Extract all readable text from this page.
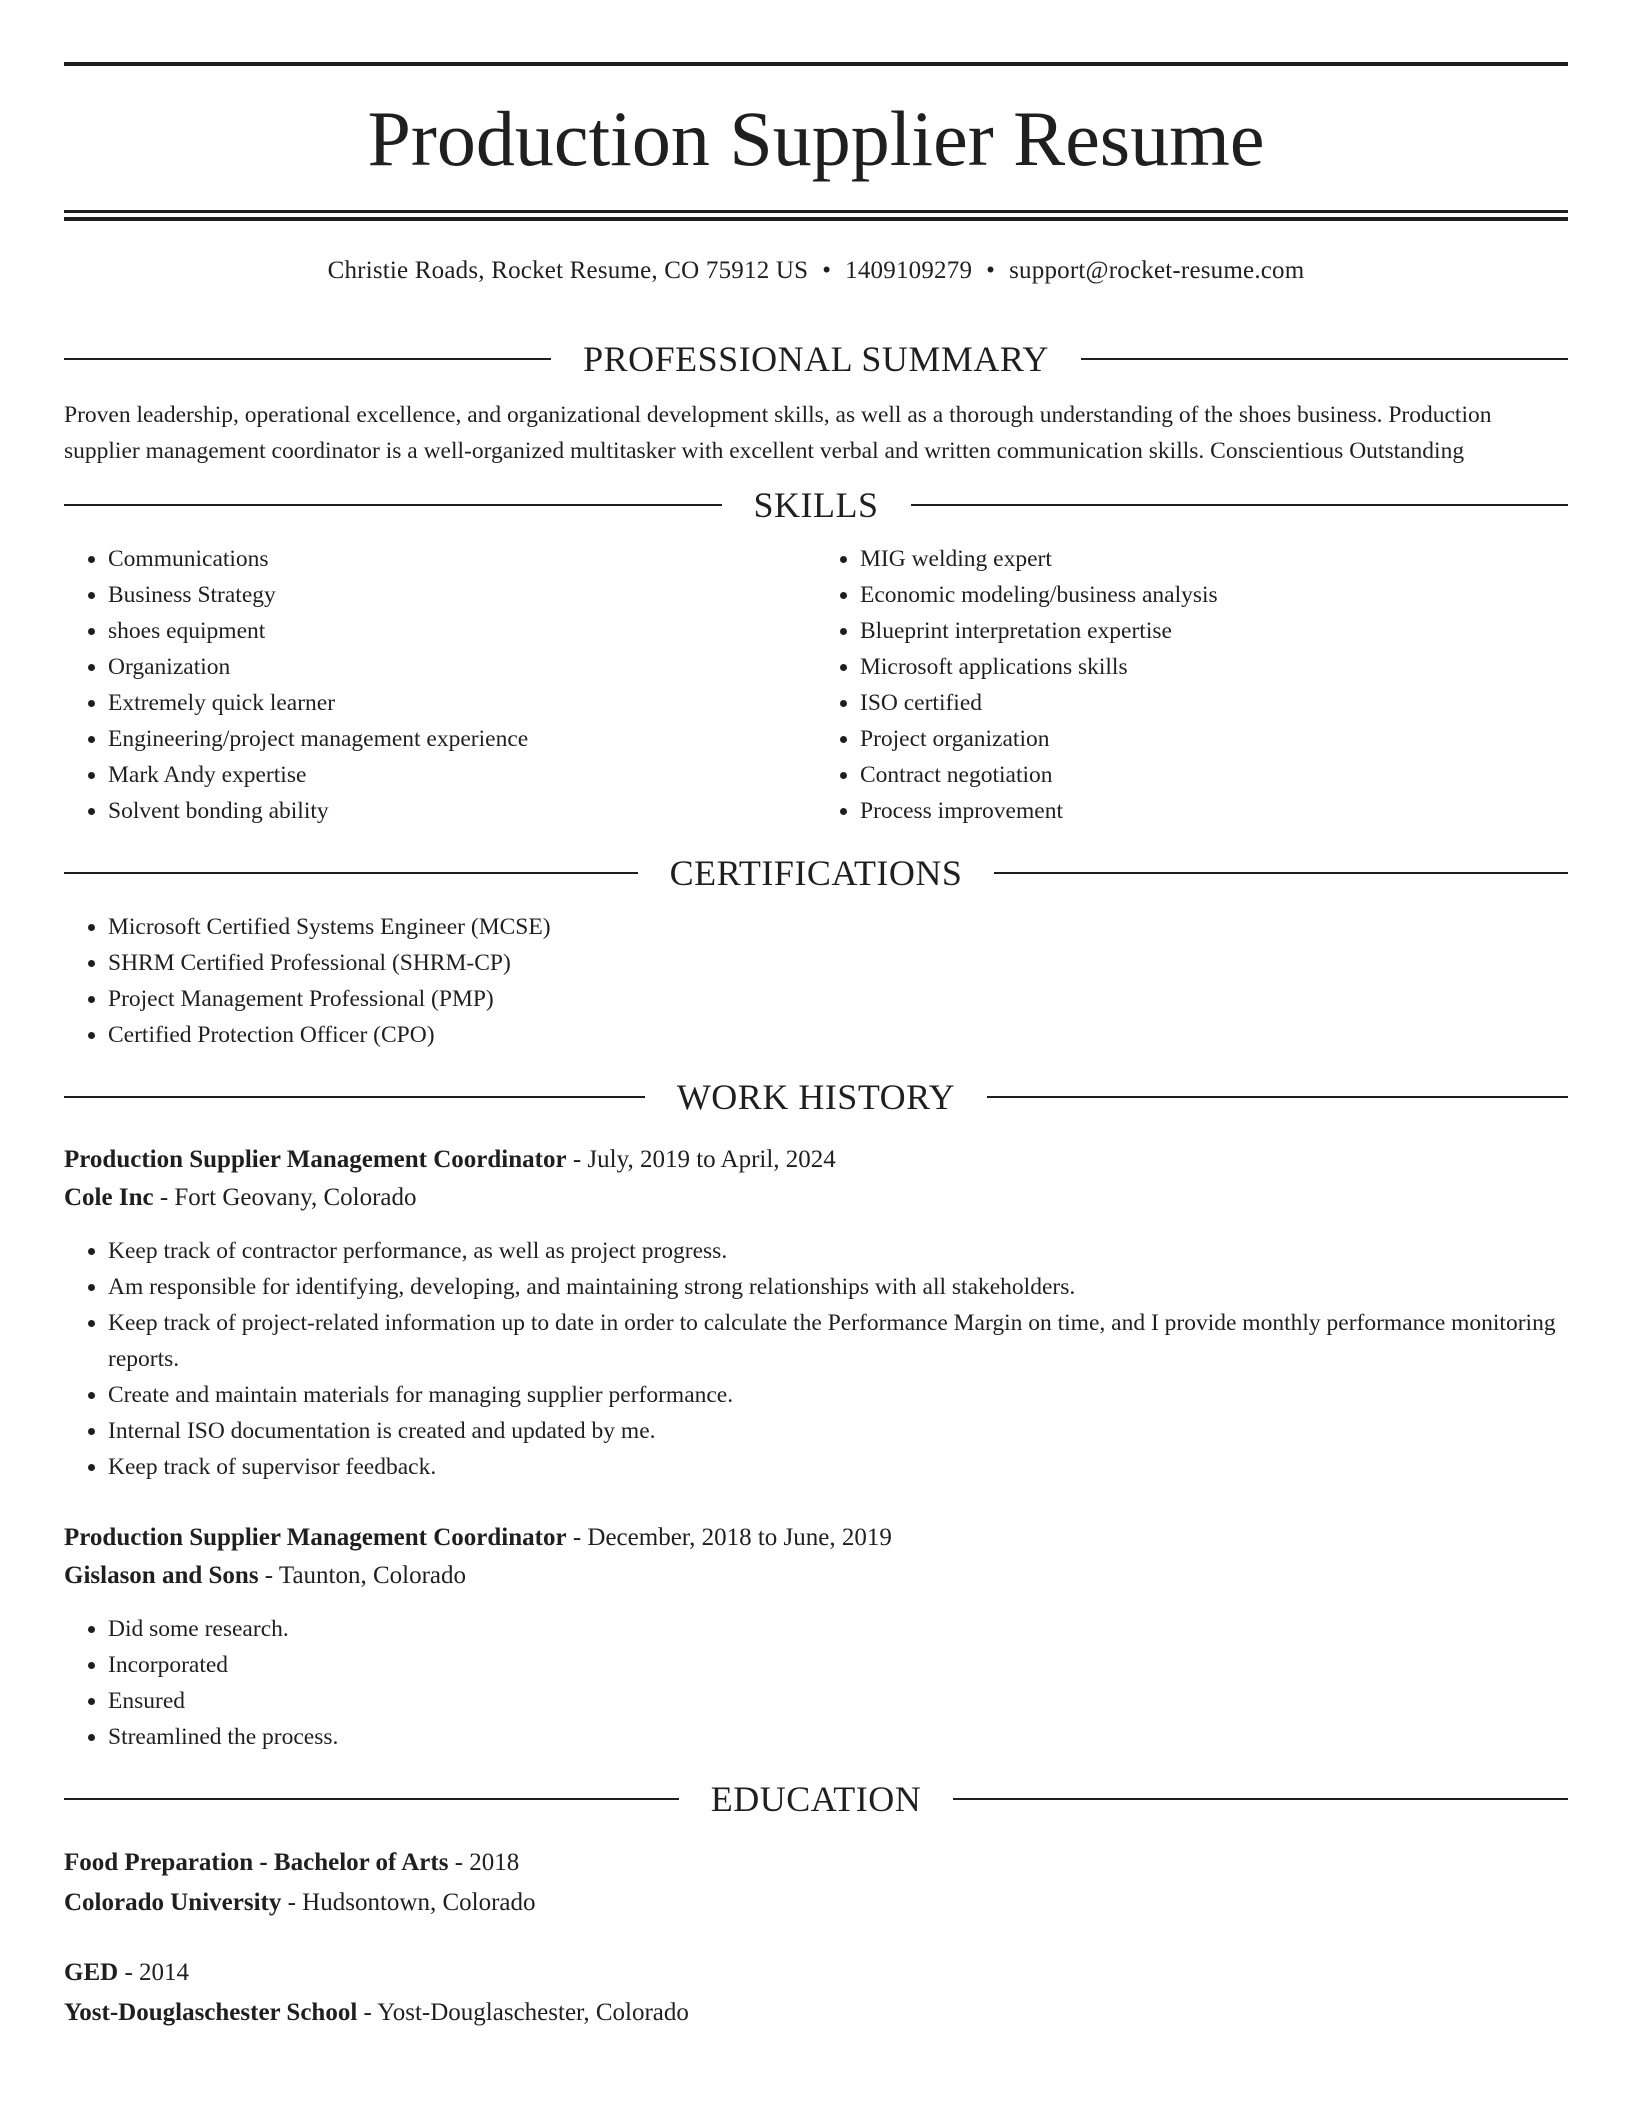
Production Supplier Resume
Christie Roads, Rocket Resume, CO 75912 US • 1409109279 • support@rocket-resume.com
PROFESSIONAL SUMMARY

Proven leadership, operational excellence, and organizational development skills, as well as a thorough understanding of the shoes business. Production supplier management coordinator is a well-organized multitasker with excellent verbal and written communication skills. Conscientious Outstanding

SKILLS
• Communications
• Business Strategy
• shoes equipment
• Organization
• Extremely quick learner
• Engineering/project management experience
• Mark Andy expertise
• Solvent bonding ability
• MIG welding expert
• Economic modeling/business analysis
• Blueprint interpretation expertise
• Microsoft applications skills
• ISO certified
• Project organization
• Contract negotiation
• Process improvement
CERTIFICATIONS
• Microsoft Certified Systems Engineer (MCSE)
• SHRM Certified Professional (SHRM-CP)
• Project Management Professional (PMP)
• Certified Protection Officer (CPO)
WORK HISTORY
Production Supplier Management Coordinator - July, 2019 to April, 2024
Cole Inc - Fort Geovany, Colorado
• Keep track of contractor performance, as well as project progress.
• Am responsible for identifying, developing, and maintaining strong relationships with all stakeholders.
• Keep track of project-related information up to date in order to calculate the Performance Margin on time, and I provide monthly performance monitoring reports.
• Create and maintain materials for managing supplier performance.
• Internal ISO documentation is created and updated by me.
• Keep track of supervisor feedback.
Production Supplier Management Coordinator - December, 2018 to June, 2019
Gislason and Sons - Taunton, Colorado
• Did some research.
• Incorporated
• Ensured
• Streamlined the process.
EDUCATION
Food Preparation - Bachelor of Arts - 2018
Colorado University - Hudsontown, Colorado
GED - 2014
Yost-Douglaschester School - Yost-Douglaschester, Colorado
